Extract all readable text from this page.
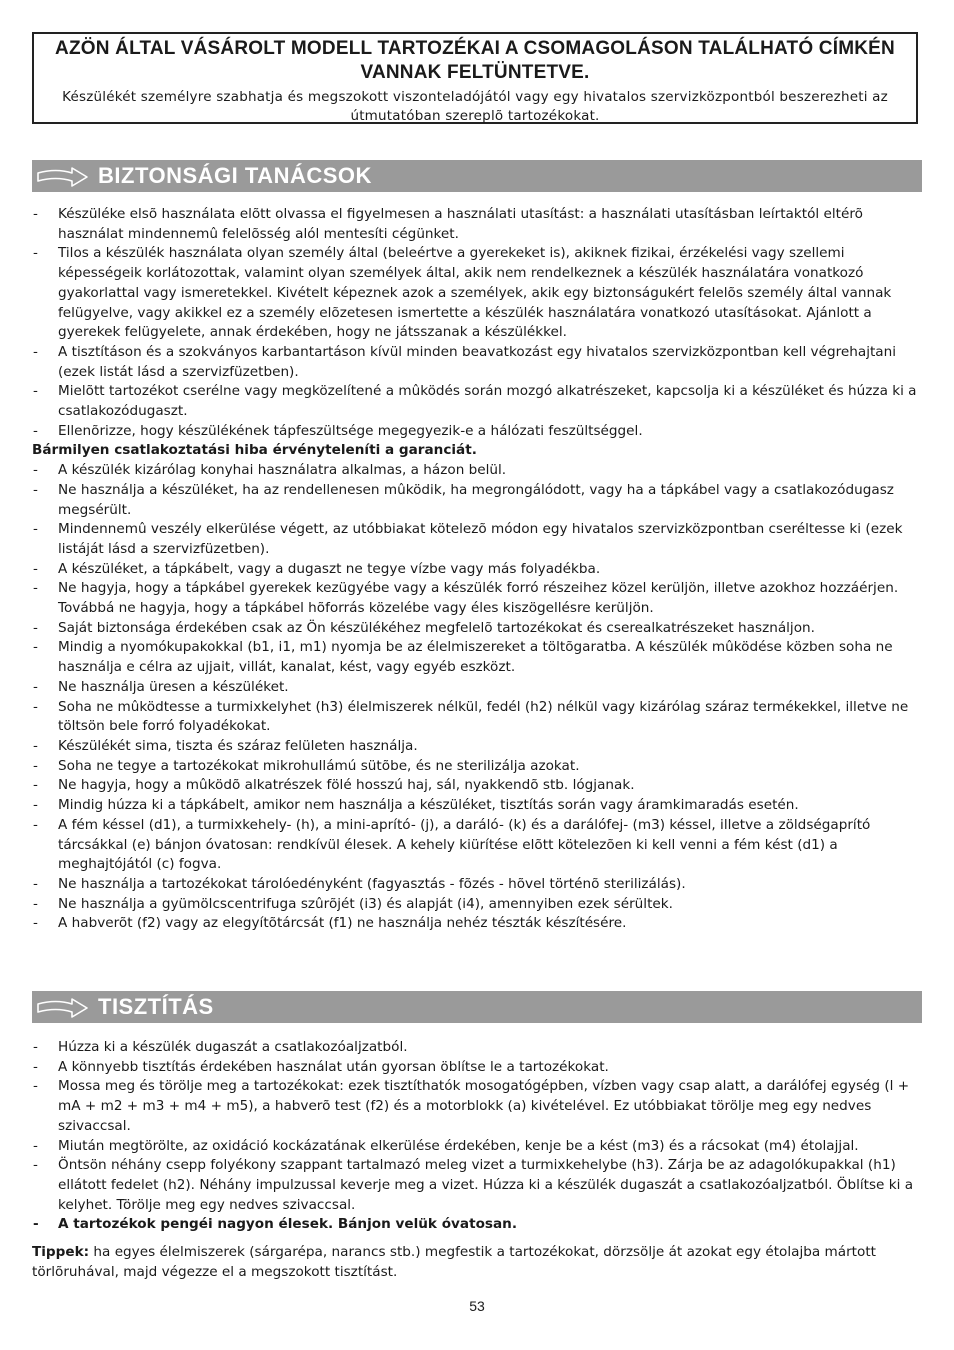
AZÖN ÁLTAL VÁSÁROLT MODELL TARTOZÉKAI A CSOMAGOLÁSON TALÁLHATÓ CÍMKÉN VANNAK FELTÜNTETVE.
Készülékét személyre szabhatja és megszokott viszonteladójától vagy egy hivatalos szervizközpontból beszerezheti az útmutatóban szereplõ tartozékokat.
BIZTONSÁGI TANÁCSOK
- Készüléke elsõ használata elõtt olvassa el figyelmesen a használati utasítást: a használati utasításban leírtaktól eltérõ használat mindennemû felelõsség alól mentesíti cégünket.
- Tilos a készülék használata olyan személy által (beleértve a gyerekeket is), akiknek fizikai, érzékelési vagy szellemi képességeik korlátozottak, valamint olyan személyek által, akik nem rendelkeznek a készülék használatára vonatkozó gyakorlattal vagy ismeretekkel. Kivételt képeznek azok a személyek, akik egy biztonságukért felelõs személy által vannak felügyelve, vagy akikkel ez a személy elõzetesen ismertette a készülék használatára vonatkozó utasításokat. Ajánlott a gyerekek felügyelete, annak érdekében, hogy ne játsszanak a készülékkel.
- A tisztításon és a szokványos karbantartáson kívül minden beavatkozást egy hivatalos szervizközpontban kell végrehajtani (ezek listát lásd a szervizfüzetben).
- Mielõtt tartozékot cserélne vagy megközelítené a mûködés során mozgó alkatrészeket, kapcsolja ki a készüléket és húzza ki a csatlakozódugaszt.
- Ellenõrizze, hogy készülékének tápfeszültsége megegyezik-e a hálózati feszültséggel.
Bármilyen csatlakoztatási hiba érvényteleníti a garanciát.
- A készülék kizárólag konyhai használatra alkalmas, a házon belül.
- Ne használja a készüléket, ha az rendellenesen mûködik, ha megrongálódott, vagy ha a tápkábel vagy a csatlakozódugasz megsérült.
- Mindennemû veszély elkerülése végett, az utóbbiakat kötelezõ módon egy hivatalos szervizközpontban cseréltesse ki (ezek listáját lásd a szervizfüzetben).
- A készüléket, a tápkábelt, vagy a dugaszt ne tegye vízbe vagy más folyadékba.
- Ne hagyja, hogy a tápkábel gyerekek kezügyébe vagy a készülék forró részeihez közel kerüljön, illetve azokhoz hozzáérjen. Továbbá ne hagyja, hogy a tápkábel hõforrás közelébe vagy éles kiszögellésre kerüljön.
- Saját biztonsága érdekében csak az Ön készülékéhez megfelelõ tartozékokat és cserealkatrészeket használjon.
- Mindig a nyomókupakokkal (b1, i1, m1) nyomja be az élelmiszereket a töltõgaratba. A készülék mûködése közben soha ne használja e célra az ujjait, villát, kanalat, kést, vagy egyéb eszközt.
- Ne használja üresen a készüléket.
- Soha ne mûködtesse a turmixkelyhet (h3) élelmiszerek nélkül, fedél (h2) nélkül vagy kizárólag száraz termékekkel, illetve ne töltsön bele forró folyadékokat.
- Készülékét sima, tiszta és száraz felületen használja.
- Soha ne tegye a tartozékokat mikrohullámú sütõbe, és ne sterilizálja azokat.
- Ne hagyja, hogy a mûködõ alkatrészek fölé hosszú haj, sál, nyakkendõ stb. lógjanak.
- Mindig húzza ki a tápkábelt, amikor nem használja a készüléket, tisztítás során vagy áramkimaradás esetén.
- A fém késsel (d1), a turmixkehely- (h), a mini-aprító- (j), a daráló- (k) és a darálófej- (m3) késsel, illetve a zöldségaprító tárcsákkal (e) bánjon óvatosan: rendkívül élesek. A kehely kiürítése elõtt kötelezõen ki kell venni a fém kést (d1) a meghajtójától (c) fogva.
- Ne használja a tartozékokat tárolóedényként (fagyasztás - fõzés - hõvel történõ sterilizálás).
- Ne használja a gyümölcscentrifuga szûrõjét (i3) és alapját (i4), amennyiben ezek sérültek.
- A habverõt (f2) vagy az elegyítõtárcsát (f1) ne használja nehéz tészták készítésére.
TISZTÍTÁS
- Húzza ki a készülék dugaszát a csatlakozóaljzatból.
- A könnyebb tisztítás érdekében használat után gyorsan öblítse le a tartozékokat.
- Mossa meg és törölje meg a tartozékokat: ezek tisztíthatók mosogatógépben, vízben vagy csap alatt, a darálófej egység (l + mA + m2 + m3 + m4 + m5), a habverõ test (f2) és a motorblokk (a) kivételével. Ez utóbbiakat törölje meg egy nedves szivaccsal.
- Miután megtörölte, az oxidáció kockázatának elkerülése érdekében, kenje be a kést (m3) és a rácsokat (m4) étolajjal.
- Öntsön néhány csepp folyékony szappant tartalmazó meleg vizet a turmixkehelybe (h3). Zárja be az adagolókupakkal (h1) ellátott fedelet (h2). Néhány impulzussal keverje meg a vizet. Húzza ki a készülék dugaszát a csatlakozóaljzatból. Öblítse ki a kelyhet. Törölje meg egy nedves szivaccsal.
- A tartozékok pengéi nagyon élesek. Bánjon velük óvatosan.
Tippek: ha egyes élelmiszerek (sárgarépa, narancs stb.) megfestik a tartozékokat, dörzsölje át azokat egy étolajba mártott törlõruhával, majd végezze el a megszokott tisztítást.
53
